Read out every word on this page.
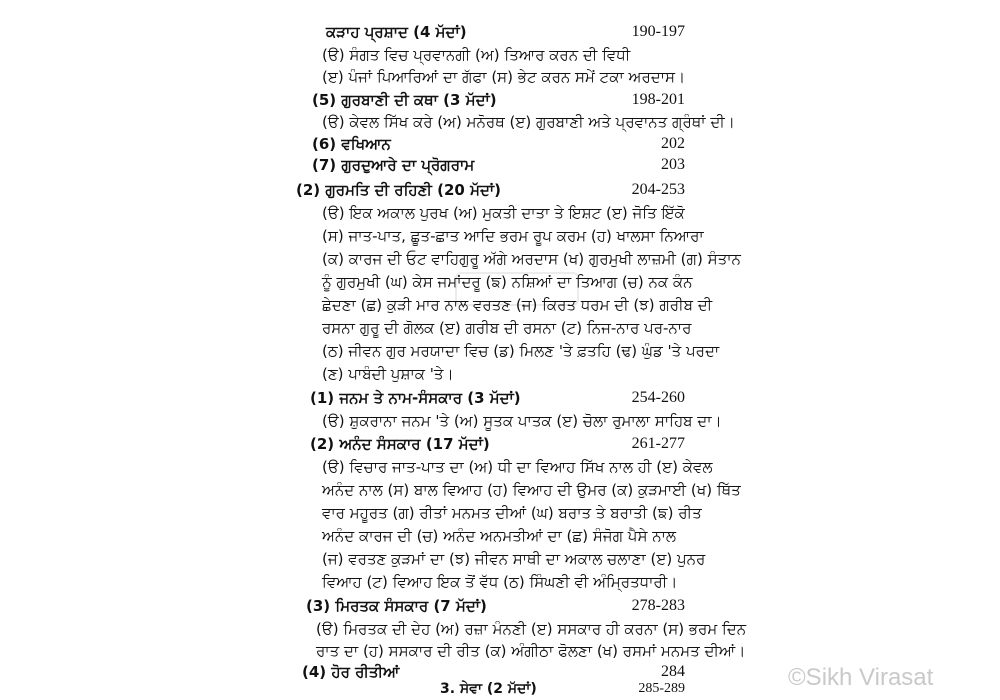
ਕੜਾਹ ਪ੍ਰਸ਼ਾਦ (4 ਮੱਦਾਂ)	190-197
(ੳ) ਸੰਗਤ ਵਿਚ ਪ੍ਰਵਾਨਗੀ (ਅ) ਤਿਆਰ ਕਰਨ ਦੀ ਵਿਧੀ
(ੲ) ਪੰਜਾਂ ਪਿਆਰਿਆਂ ਦਾ ਗੱਫਾ (ਸ) ਭੇਟ ਕਰਨ ਸਮੇਂ ਟਕਾ ਅਰਦਾਸ।
(5) ਗੁਰਬਾਣੀ ਦੀ ਕਥਾ (3 ਮੱਦਾਂ)	198-201
(ੳ) ਕੇਵਲ ਸਿੱਖ ਕਰੇ (ਅ) ਮਨੋਰਥ (ੲ) ਗੁਰਬਾਣੀ ਅਤੇ ਪ੍ਰਵਾਨਤ ਗ੍ਰੰਥਾਂ ਦੀ।
(6) ਵਖਿਆਨ	202
(7) ਗੁਰਦੁਆਰੇ ਦਾ ਪ੍ਰੋਗਰਾਮ	203
(2) ਗੁਰਮਤਿ ਦੀ ਰਹਿਣੀ (20 ਮੱਦਾਂ)	204-253
(ੳ) ਇਕ ਅਕਾਲ ਪੁਰਖ (ਅ) ਮੁਕਤੀ ਦਾਤਾ ਤੇ ਇਸ਼ਟ (ੲ) ਜੋਤਿ ਇੱਕੋ
(ਸ) ਜਾਤ-ਪਾਤ, ਛੂਤ-ਛਾਤ ਆਦਿ ਭਰਮ ਰੂਪ ਕਰਮ (ਹ) ਖਾਲਸਾ ਨਿਆਰਾ
(ਕ) ਕਾਰਜ ਦੀ ਓਟ ਵਾਹਿਗੁਰੂ ਅੱਗੇ ਅਰਦਾਸ (ਖ) ਗੁਰਮੁਖੀ ਲਾਜ਼ਮੀ (ਗ) ਸੰਤਾਨ
ਨੂੰ ਗੁਰਮੁਖੀ (ਘ) ਕੇਸ ਜਮਾਂਦਰੂ (ਙ) ਨਸ਼ਿਆਂ ਦਾ ਤਿਆਗ (ਚ) ਨਕ ਕੰਨ
ਛੇਦਣਾ (ਛ) ਕੁੜੀ ਮਾਰ ਨਾਲ ਵਰਤਣ (ਜ) ਕਿਰਤ ਧਰਮ ਦੀ (ਝ) ਗਰੀਬ ਦੀ
ਰਸਨਾ ਗੁਰੂ ਦੀ ਗੋਲਕ (ੲ) ਗਰੀਬ ਦੀ ਰਸਨਾ (ਟ) ਨਿਜ-ਨਾਰ ਪਰ-ਨਾਰ
(ਠ) ਜੀਵਨ ਗੁਰ ਮਰਯਾਦਾ ਵਿਚ (ਡ) ਮਿਲਣ 'ਤੇ ਫ਼ਤਹਿ (ਢ) ਘੁੰਡ 'ਤੇ ਪਰਦਾ
(ਣ) ਪਾਬੰਦੀ ਪੁਸ਼ਾਕ 'ਤੇ।
(1) ਜਨਮ ਤੇ ਨਾਮ-ਸੰਸਕਾਰ (3 ਮੱਦਾਂ)	254-260
(ੳ) ਸ਼ੁਕਰਾਨਾ ਜਨਮ 'ਤੇ (ਅ) ਸੂਤਕ ਪਾਤਕ (ੲ) ਚੋਲਾ ਰੁਮਾਲਾ ਸਾਹਿਬ ਦਾ।
(2) ਅਨੰਦ ਸੰਸਕਾਰ (17 ਮੱਦਾਂ)	261-277
(ੳ) ਵਿਚਾਰ ਜਾਤ-ਪਾਤ ਦਾ (ਅ) ਧੀ ਦਾ ਵਿਆਹ ਸਿੱਖ ਨਾਲ ਹੀ (ੲ) ਕੇਵਲ
ਅਨੰਦ ਨਾਲ (ਸ) ਬਾਲ ਵਿਆਹ (ਹ) ਵਿਆਹ ਦੀ ਉਮਰ (ਕ) ਕੁੜਮਾਈ (ਖ) ਥਿੱਤ
ਵਾਰ ਮਹੂਰਤ (ਗ) ਰੀਤਾਂ ਮਨਮਤ ਦੀਆਂ (ਘ) ਬਰਾਤ ਤੇ ਬਰਾਤੀ (ਙ) ਰੀਤ
ਅਨੰਦ ਕਾਰਜ ਦੀ (ਚ) ਅਨੰਦ ਅਨਮਤੀਆਂ ਦਾ (ਛ) ਸੰਜੋਗ ਪੈਸੇ ਨਾਲ
(ਜ) ਵਰਤਣ ਕੁੜਮਾਂ ਦਾ (ਝ) ਜੀਵਨ ਸਾਥੀ ਦਾ ਅਕਾਲ ਚਲਾਣਾ (ੲ) ਪੁਨਰ
ਵਿਆਹ (ਟ) ਵਿਆਹ ਇਕ ਤੋਂ ਵੱਧ (ਠ) ਸਿੰਘਣੀ ਵੀ ਅੰਮ੍ਰਿਤਧਾਰੀ।
(3) ਮਿਰਤਕ ਸੰਸਕਾਰ (7 ਮੱਦਾਂ)	278-283
(ੳ) ਮਿਰਤਕ ਦੀ ਦੇਹ (ਅ) ਰਜ਼ਾ ਮੰਨਣੀ (ੲ) ਸਸਕਾਰ ਹੀ ਕਰਨਾ (ਸ) ਭਰਮ ਦਿਨ
ਰਾਤ ਦਾ (ਹ) ਸਸਕਾਰ ਦੀ ਰੀਤ (ਕ) ਅੰਗੀਠਾ ਫੋਲਣਾ (ਖ) ਰਸਮਾਂ ਮਨਮਤ ਦੀਆਂ।
(4) ਹੋਰ ਰੀਤੀਆਂ	284
3. ਸੇਵਾ (2 ਮੱਦਾਂ)	285-289	©Sikh Virasat
